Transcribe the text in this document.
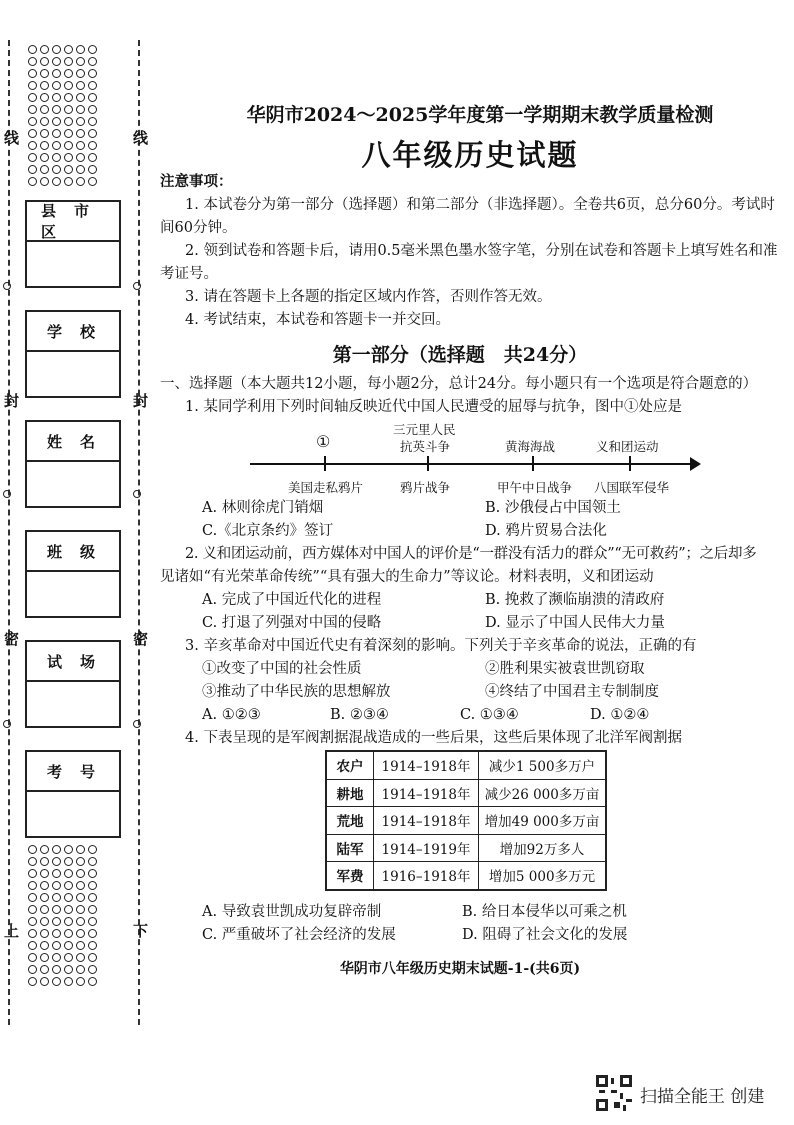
线
封
密
上
线
封
密
下
县市区
学校
姓名
班级
试场
考号
华阴市2024～2025学年度第一学期期末教学质量检测
八年级历史试题
注意事项：
1. 本试卷分为第一部分（选择题）和第二部分（非选择题）。全卷共6页，总分60分。考试时
间60分钟。
2. 领到试卷和答题卡后，请用0.5毫米黑色墨水签字笔，分别在试卷和答题卡上填写姓名和准
考证号。
3. 请在答题卡上各题的指定区域内作答，否则作答无效。
4. 考试结束，本试卷和答题卡一并交回。
第一部分（选择题　共24分）
一、选择题（本大题共12小题，每小题2分，总计24分。每小题只有一个选项是符合题意的）
1. 某同学利用下列时间轴反映近代中国人民遭受的屈辱与抗争，图中①处应是
①
三元里人民
抗英斗争	黄海海战	义和团运动
美国走私鸦片	鸦片战争	甲午中日战争 八国联军侵华
A. 林则徐虎门销烟	B. 沙俄侵占中国领土
C.《北京条约》签订	D. 鸦片贸易合法化
2. 义和团运动前，西方媒体对中国人的评价是“一群没有活力的群众”“无可救药”；之后却多
见诸如“有光荣革命传统”“具有强大的生命力”等议论。材料表明，义和团运动
A. 完成了中国近代化的进程	B. 挽救了濒临崩溃的清政府
C. 打退了列强对中国的侵略	D. 显示了中国人民伟大力量
3. 辛亥革命对中国近代史有着深刻的影响。下列关于辛亥革命的说法，正确的有
①改变了中国的社会性质	②胜利果实被袁世凯窃取
③推动了中华民族的思想解放	④终结了中国君主专制制度
A. ①②③	B. ②③④	C. ①③④	D. ①②④
4. 下表呈现的是军阀割据混战造成的一些后果，这些后果体现了北洋军阀割据
农户	1914–1918年	减少1 500多万户
耕地	1914–1918年	减少26 000多万亩
荒地	1914–1918年	增加49 000多万亩
陆军	1914–1919年	增加92万多人
军费	1916–1918年	增加5 000多万元
A. 导致袁世凯成功复辟帝制	B. 给日本侵华以可乘之机
C. 严重破坏了社会经济的发展	D. 阻碍了社会文化的发展
华阴市八年级历史期末试题-1-(共6页)
扫描全能王 创建
